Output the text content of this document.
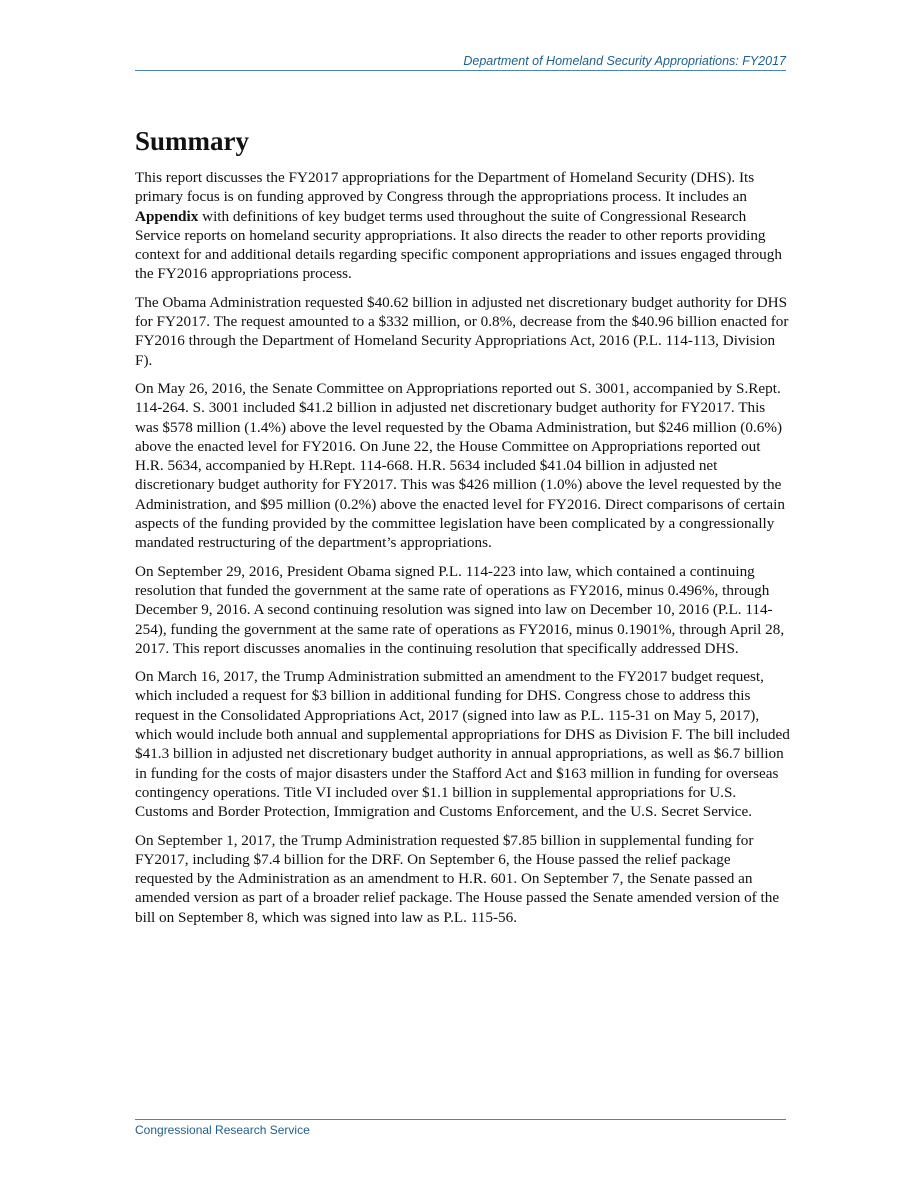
Department of Homeland Security Appropriations: FY2017
Summary

This report discusses the FY2017 appropriations for the Department of Homeland Security (DHS). Its primary focus is on funding approved by Congress through the appropriations process. It includes an Appendix with definitions of key budget terms used throughout the suite of Congressional Research Service reports on homeland security appropriations. It also directs the reader to other reports providing context for and additional details regarding specific component appropriations and issues engaged through the FY2016 appropriations process.

The Obama Administration requested $40.62 billion in adjusted net discretionary budget authority for DHS for FY2017. The request amounted to a $332 million, or 0.8%, decrease from the $40.96 billion enacted for FY2016 through the Department of Homeland Security Appropriations Act, 2016 (P.L. 114-113, Division F).

On May 26, 2016, the Senate Committee on Appropriations reported out S. 3001, accompanied by S.Rept. 114-264. S. 3001 included $41.2 billion in adjusted net discretionary budget authority for FY2017. This was $578 million (1.4%) above the level requested by the Obama Administration, but $246 million (0.6%) above the enacted level for FY2016. On June 22, the House Committee on Appropriations reported out H.R. 5634, accompanied by H.Rept. 114-668. H.R. 5634 included $41.04 billion in adjusted net discretionary budget authority for FY2017. This was $426 million (1.0%) above the level requested by the Administration, and $95 million (0.2%) above the enacted level for FY2016. Direct comparisons of certain aspects of the funding provided by the committee legislation have been complicated by a congressionally mandated restructuring of the department’s appropriations.

On September 29, 2016, President Obama signed P.L. 114-223 into law, which contained a continuing resolution that funded the government at the same rate of operations as FY2016, minus 0.496%, through December 9, 2016. A second continuing resolution was signed into law on December 10, 2016 (P.L. 114-254), funding the government at the same rate of operations as FY2016, minus 0.1901%, through April 28, 2017. This report discusses anomalies in the continuing resolution that specifically addressed DHS.

On March 16, 2017, the Trump Administration submitted an amendment to the FY2017 budget request, which included a request for $3 billion in additional funding for DHS. Congress chose to address this request in the Consolidated Appropriations Act, 2017 (signed into law as P.L. 115-31 on May 5, 2017), which would include both annual and supplemental appropriations for DHS as Division F. The bill included $41.3 billion in adjusted net discretionary budget authority in annual appropriations, as well as $6.7 billion in funding for the costs of major disasters under the Stafford Act and $163 million in funding for overseas contingency operations. Title VI included over $1.1 billion in supplemental appropriations for U.S. Customs and Border Protection, Immigration and Customs Enforcement, and the U.S. Secret Service.

On September 1, 2017, the Trump Administration requested $7.85 billion in supplemental funding for FY2017, including $7.4 billion for the DRF. On September 6, the House passed the relief package requested by the Administration as an amendment to H.R. 601. On September 7, the Senate passed an amended version as part of a broader relief package. The House passed the Senate amended version of the bill on September 8, which was signed into law as P.L. 115-56.

Congressional Research Service
